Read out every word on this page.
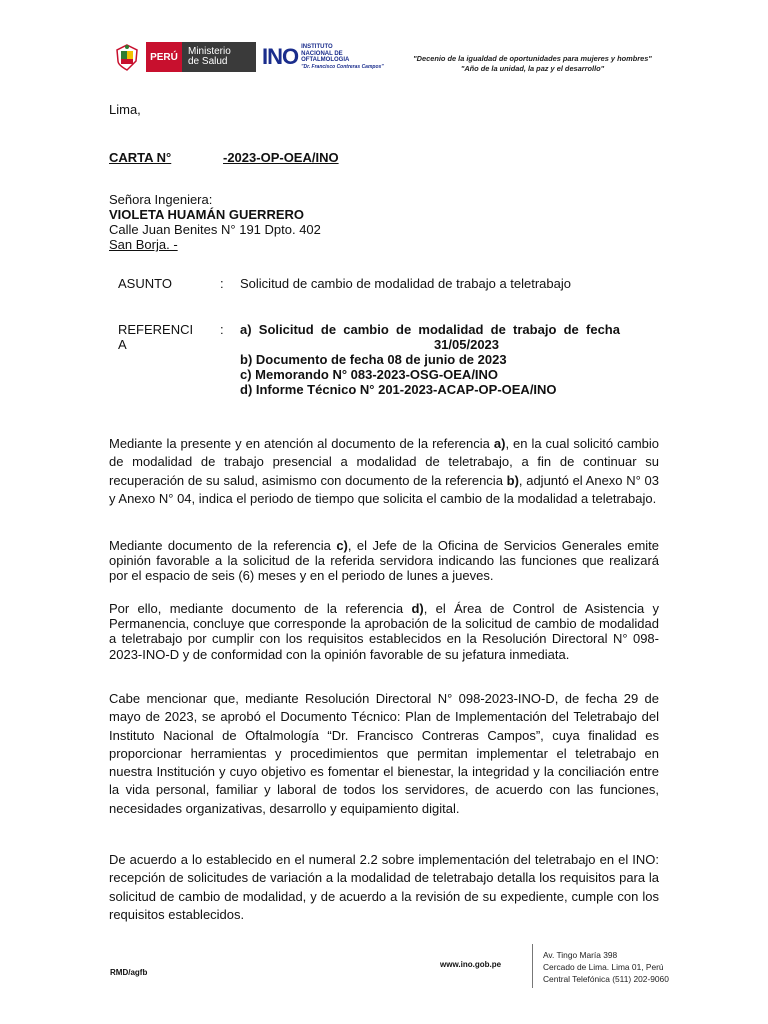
PERÚ Ministerio
de Salud	INO INSTITUTO
NACIONAL DE
OFTALMOLOGIA
"Dr. Francisco Contreras Campos"
"Decenio de la igualdad de oportunidades para mujeres y hombres"
"Año de la unidad, la paz y el desarrollo"
Lima,
CARTA N°	-2023-OP-OEA/INO
Señora Ingeniera:
VIOLETA HUAMÁN GUERRERO
Calle Juan Benites N° 191 Dpto. 402
San Borja. -
ASUNTO	: Solicitud de cambio de modalidad de trabajo a teletrabajo
REFERENCI
A
: a)  Solicitud  de  cambio  de  modalidad  de  trabajo  de  fecha
31/05/2023
b) Documento de fecha 08 de junio de 2023
c) Memorando N° 083-2023-OSG-OEA/INO
d) Informe Técnico N° 201-2023-ACAP-OP-OEA/INO
Mediante la presente y en atención al documento de la referencia a), en la cual solicitó cambio de modalidad de trabajo presencial a modalidad de teletrabajo, a fin de continuar su recuperación de su salud, asimismo con documento de la referencia b), adjuntó el Anexo N° 03 y Anexo N° 04, indica el periodo de tiempo que solicita el cambio de la modalidad a teletrabajo.
Mediante documento de la referencia c), el Jefe de la Oficina de Servicios Generales emite opinión favorable a la solicitud de la referida servidora indicando las funciones que realizará por el espacio de seis (6) meses y en el periodo de lunes a jueves.
Por ello, mediante documento de la referencia d), el Área de Control de Asistencia y Permanencia, concluye que corresponde la aprobación de la solicitud de cambio de modalidad a teletrabajo por cumplir con los requisitos establecidos en la Resolución Directoral N° 098-2023-INO-D y de conformidad con la opinión favorable de su jefatura inmediata.
Cabe mencionar que, mediante Resolución Directoral N° 098-2023-INO-D, de fecha 29 de mayo de 2023, se aprobó el Documento Técnico: Plan de Implementación del Teletrabajo del Instituto Nacional de Oftalmología “Dr. Francisco Contreras Campos”, cuya finalidad es proporcionar herramientas y procedimientos que permitan implementar el teletrabajo en nuestra Institución y cuyo objetivo es fomentar el bienestar, la integridad y la conciliación entre la vida personal, familiar y laboral de todos los servidores, de acuerdo con las funciones, necesidades organizativas, desarrollo y equipamiento digital.
De acuerdo a lo establecido en el numeral 2.2 sobre implementación del teletrabajo en el INO: recepción de solicitudes de variación a la modalidad de teletrabajo detalla los requisitos para la solicitud de cambio de modalidad, y de acuerdo a la revisión de su expediente, cumple con los requisitos establecidos.
RMD/agfb
www.ino.gob.pe
Av. Tingo María 398
Cercado de Lima. Lima 01, Perú
Central Telefónica (511) 202-9060
